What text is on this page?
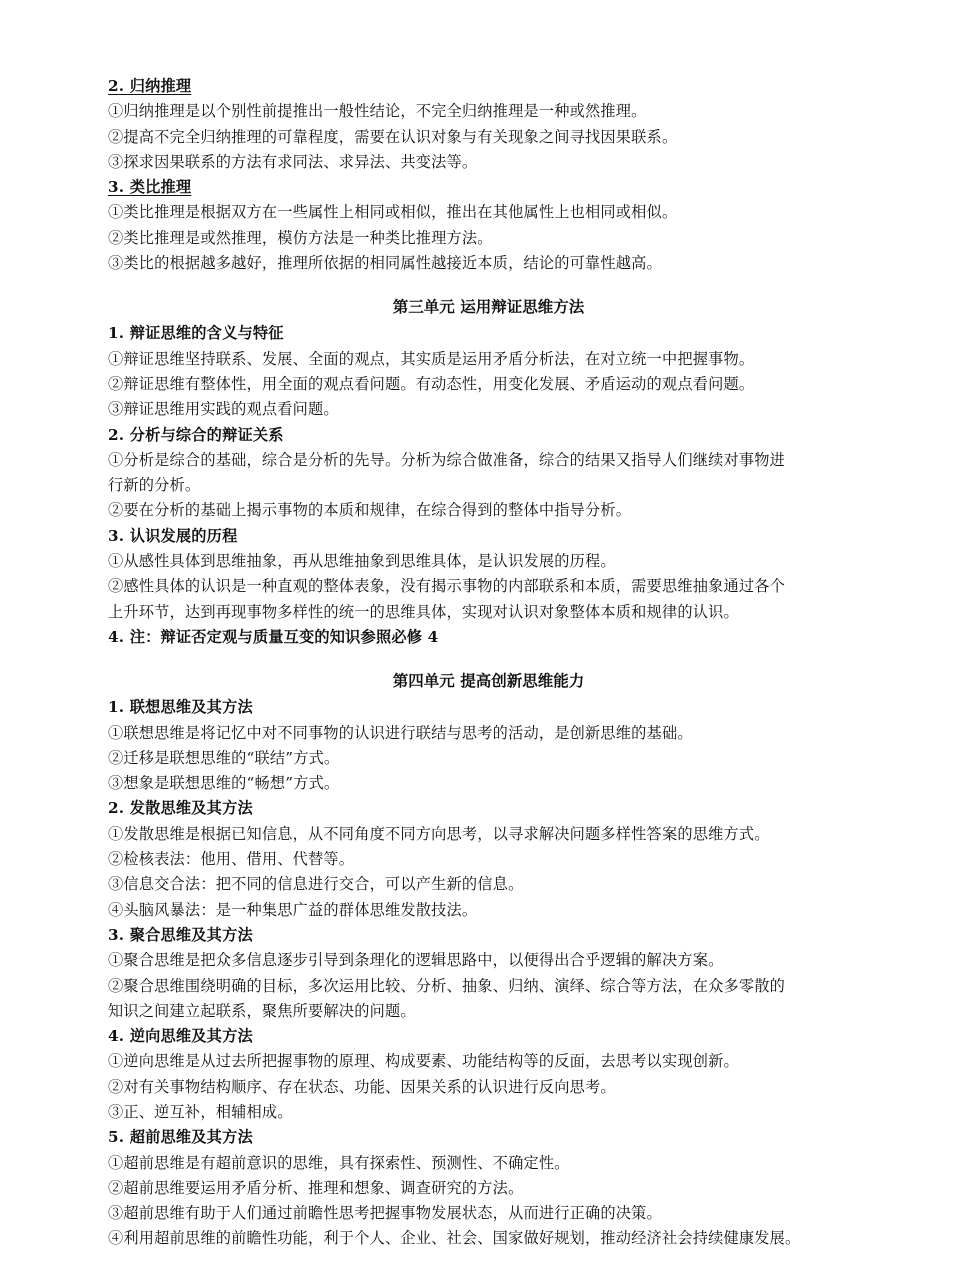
2. 归纳推理
①归纳推理是以个别性前提推出一般性结论，不完全归纳推理是一种或然推理。
②提高不完全归纳推理的可靠程度，需要在认识对象与有关现象之间寻找因果联系。
③探求因果联系的方法有求同法、求异法、共变法等。
3. 类比推理
①类比推理是根据双方在一些属性上相同或相似，推出在其他属性上也相同或相似。
②类比推理是或然推理，模仿方法是一种类比推理方法。
③类比的根据越多越好，推理所依据的相同属性越接近本质，结论的可靠性越高。
第三单元 运用辩证思维方法
1. 辩证思维的含义与特征
①辩证思维坚持联系、发展、全面的观点，其实质是运用矛盾分析法，在对立统一中把握事物。
②辩证思维有整体性，用全面的观点看问题。有动态性，用变化发展、矛盾运动的观点看问题。
③辩证思维用实践的观点看问题。
2. 分析与综合的辩证关系
①分析是综合的基础，综合是分析的先导。分析为综合做准备，综合的结果又指导人们继续对事物进
行新的分析。
②要在分析的基础上揭示事物的本质和规律，在综合得到的整体中指导分析。
3. 认识发展的历程
①从感性具体到思维抽象，再从思维抽象到思维具体，是认识发展的历程。
②感性具体的认识是一种直观的整体表象，没有揭示事物的内部联系和本质，需要思维抽象通过各个
上升环节，达到再现事物多样性的统一的思维具体，实现对认识对象整体本质和规律的认识。
4. 注：辩证否定观与质量互变的知识参照必修 4
第四单元 提高创新思维能力
1. 联想思维及其方法
①联想思维是将记忆中对不同事物的认识进行联结与思考的活动，是创新思维的基础。
②迁移是联想思维的“联结”方式。
③想象是联想思维的“畅想”方式。
2. 发散思维及其方法
①发散思维是根据已知信息，从不同角度不同方向思考，以寻求解决问题多样性答案的思维方式。
②检核表法：他用、借用、代替等。
③信息交合法：把不同的信息进行交合，可以产生新的信息。
④头脑风暴法：是一种集思广益的群体思维发散技法。
3. 聚合思维及其方法
①聚合思维是把众多信息逐步引导到条理化的逻辑思路中，以便得出合乎逻辑的解决方案。
②聚合思维围绕明确的目标，多次运用比较、分析、抽象、归纳、演绎、综合等方法，在众多零散的
知识之间建立起联系，聚焦所要解决的问题。
4. 逆向思维及其方法
①逆向思维是从过去所把握事物的原理、构成要素、功能结构等的反面，去思考以实现创新。
②对有关事物结构顺序、存在状态、功能、因果关系的认识进行反向思考。
③正、逆互补，相辅相成。
5. 超前思维及其方法
①超前思维是有超前意识的思维，具有探索性、预测性、不确定性。
②超前思维要运用矛盾分析、推理和想象、调查研究的方法。
③超前思维有助于人们通过前瞻性思考把握事物发展状态，从而进行正确的决策。
④利用超前思维的前瞻性功能，利于个人、企业、社会、国家做好规划，推动经济社会持续健康发展。
